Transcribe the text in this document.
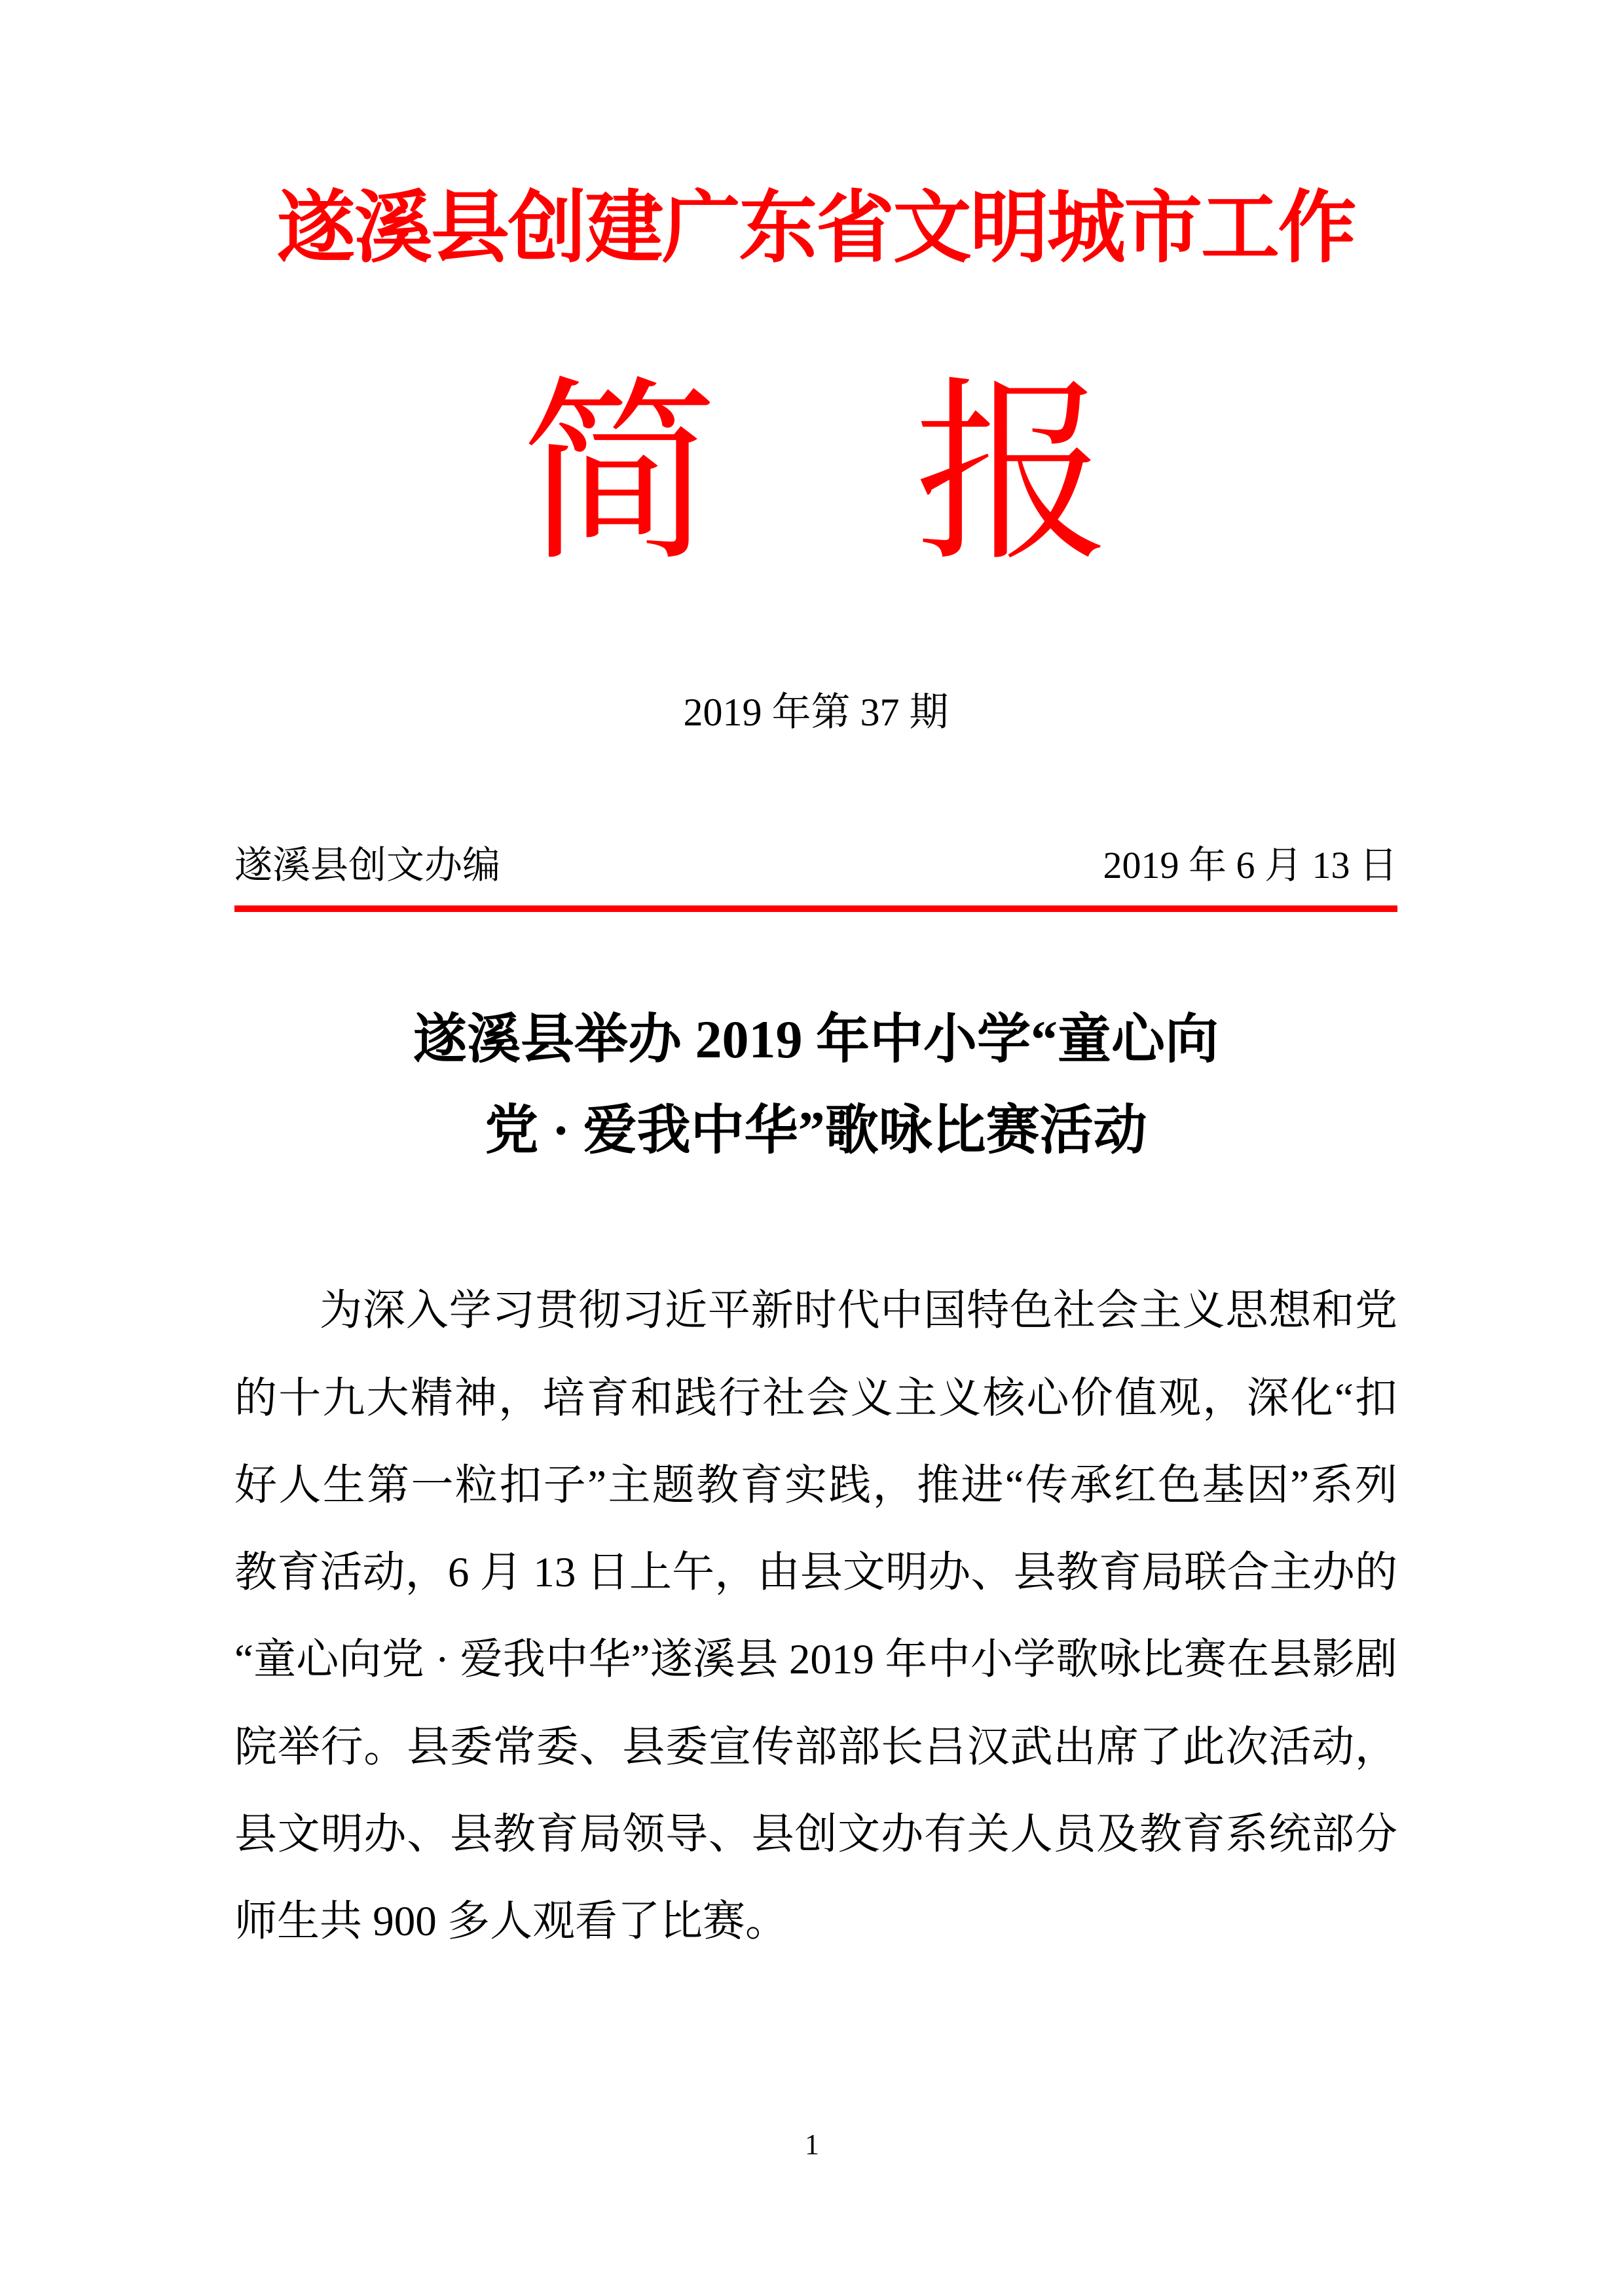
遂溪县创建广东省文明城市工作
简　报
2019 年第 37 期
遂溪县创文办编	2019 年 6 月 13 日
遂溪县举办 2019 年中小学“童心向
党 · 爱我中华”歌咏比赛活动

为深入学习贯彻习近平新时代中国特色社会主义思想和党的十九大精神，培育和践行社会义主义核心价值观，深化“扣好人生第一粒扣子”主题教育实践，推进“传承红色基因”系列教育活动，6 月 13 日上午，由县文明办、县教育局联合主办的“童心向党 · 爱我中华”遂溪县 2019 年中小学歌咏比赛在县影剧院举行。县委常委、县委宣传部部长吕汉武出席了此次活动，县文明办、县教育局领导、县创文办有关人员及教育系统部分师生共 900 多人观看了比赛。

1
